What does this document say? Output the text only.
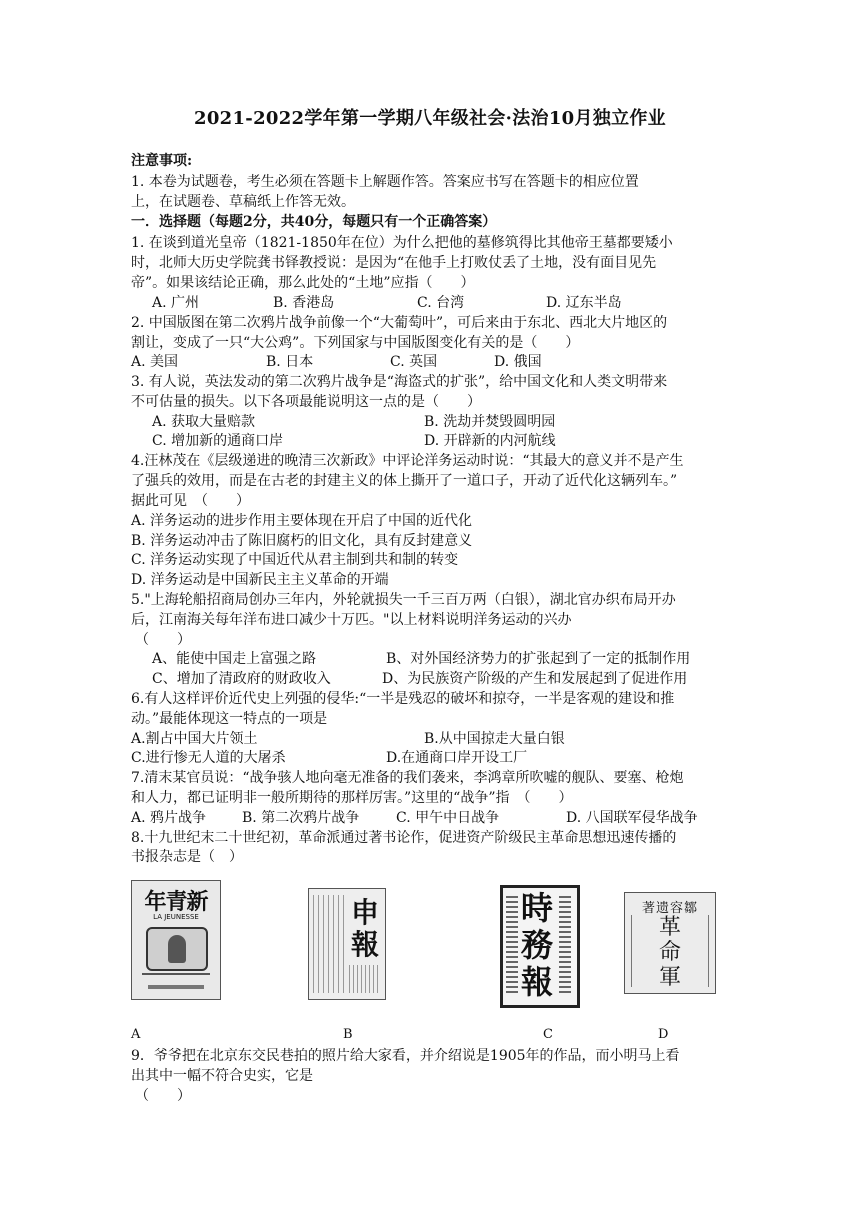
2021-2022学年第一学期八年级社会·法治10月独立作业
注意事项:
1. 本卷为试题卷，考生必须在答题卡上解题作答。答案应书写在答题卡的相应位置
上，在试题卷、草稿纸上作答无效。
一．选择题（每题2分，共40分，每题只有一个正确答案）
1. 在谈到道光皇帝（1821-1850年在位）为什么把他的墓修筑得比其他帝王墓都要矮小
时，北师大历史学院龚书铎教授说：是因为“在他手上打败仗丢了土地，没有面目见先
帝”。如果该结论正确，那么此处的“土地”应指（　　）
A. 广州	B. 香港岛	C. 台湾	D. 辽东半岛
2. 中国版图在第二次鸦片战争前像一个“大葡萄叶”，可后来由于东北、西北大片地区的
割让，变成了一只“大公鸡”。下列国家与中国版图变化有关的是（　　）
A. 美国	B. 日本	C. 英国	D. 俄国
3. 有人说，英法发动的第二次鸦片战争是“海盗式的扩张”，给中国文化和人类文明带来
不可估量的损失。以下各项最能说明这一点的是（　　）
A. 获取大量赔款	B. 洗劫并焚毁圆明园
C. 增加新的通商口岸	D. 开辟新的内河航线
4.汪林茂在《层级递进的晚清三次新政》中评论洋务运动时说：“其最大的意义并不是产生
了强兵的效用，而是在古老的封建主义的体上撕开了一道口子，开动了近代化这辆列车。”
据此可见　（　　）
A. 洋务运动的进步作用主要体现在开启了中国的近代化
B. 洋务运动冲击了陈旧腐朽的旧文化，具有反封建意义
C. 洋务运动实现了中国近代从君主制到共和制的转变
D. 洋务运动是中国新民主主义革命的开端
5."上海轮船招商局创办三年内，外轮就损失一千三百万两（白银），湖北官办织布局开办
后，江南海关每年洋布进口减少十万匹。"以上材料说明洋务运动的兴办
（　　）
A、能使中国走上富强之路	B、对外国经济势力的扩张起到了一定的抵制作用
C、增加了清政府的财政收入	D、为民族资产阶级的产生和发展起到了促进作用
6.有人这样评价近代史上列强的侵华:“一半是残忍的破坏和掠夺，一半是客观的建设和推
动。”最能体现这一特点的一项是
A.割占中国大片领土	B.从中国掠走大量白银
C.进行惨无人道的大屠杀	D.在通商口岸开设工厂
7.清末某官员说：“战争骇人地向毫无准备的我们袭来，李鸿章所吹嘘的舰队、要塞、枪炮
和人力，都已证明非一般所期待的那样厉害。”这里的“战争”指　（　　）
A. 鸦片战争	B. 第二次鸦片战争	C. 甲午中日战争	D. 八国联军侵华战争
8.十九世纪末二十世纪初，革命派通过著书论作，促进资产阶级民主革命思想迅速传播的
书报杂志是（　）
年青新
LA JEUNESSE	申報
時務報
著遗容鄒
革命軍
A	B	C	D
9．爷爷把在北京东交民巷拍的照片给大家看，并介绍说是1905年的作品，而小明马上看
出其中一幅不符合史实，它是
（　　）
